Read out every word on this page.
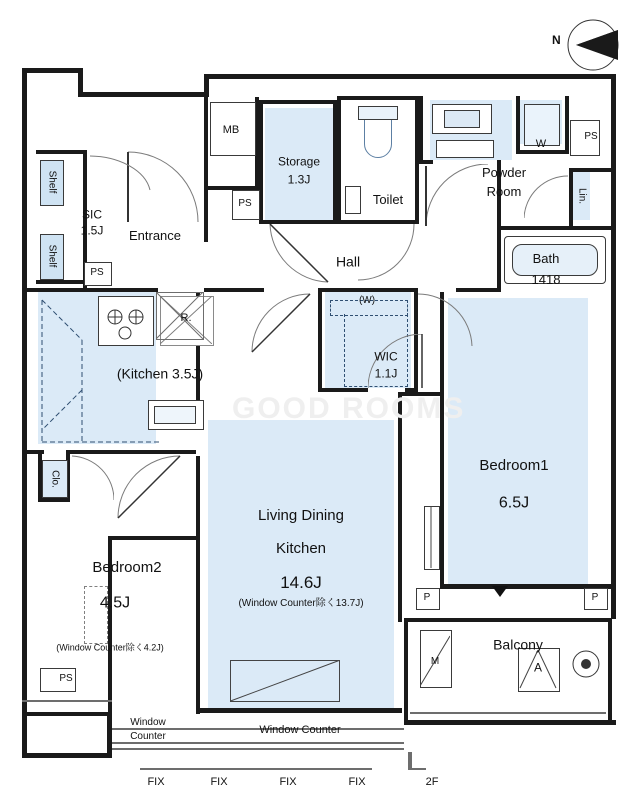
N
Storage
1.3J
Toilet
Powder
Room
Bath
1418
Hall
Entrance
SIC
1.5J
WIC
1.1J
(Kitchen 3.5J)
Living Dining
Kitchen
14.6J
(Window Counter除く13.7J)
Bedroom1
6.5J
Bedroom2
4.5J
(Window Counter除く4.2J)	Balcony
MB
PS
PS
PS
PS
Shelf
Shelf
W
Lin.
Clo.
R.
(W)
P	P
M	A
Window Counter
Window
Counter
FIX	FIX	FIX	FIX	2F
GOOD ROOMS
